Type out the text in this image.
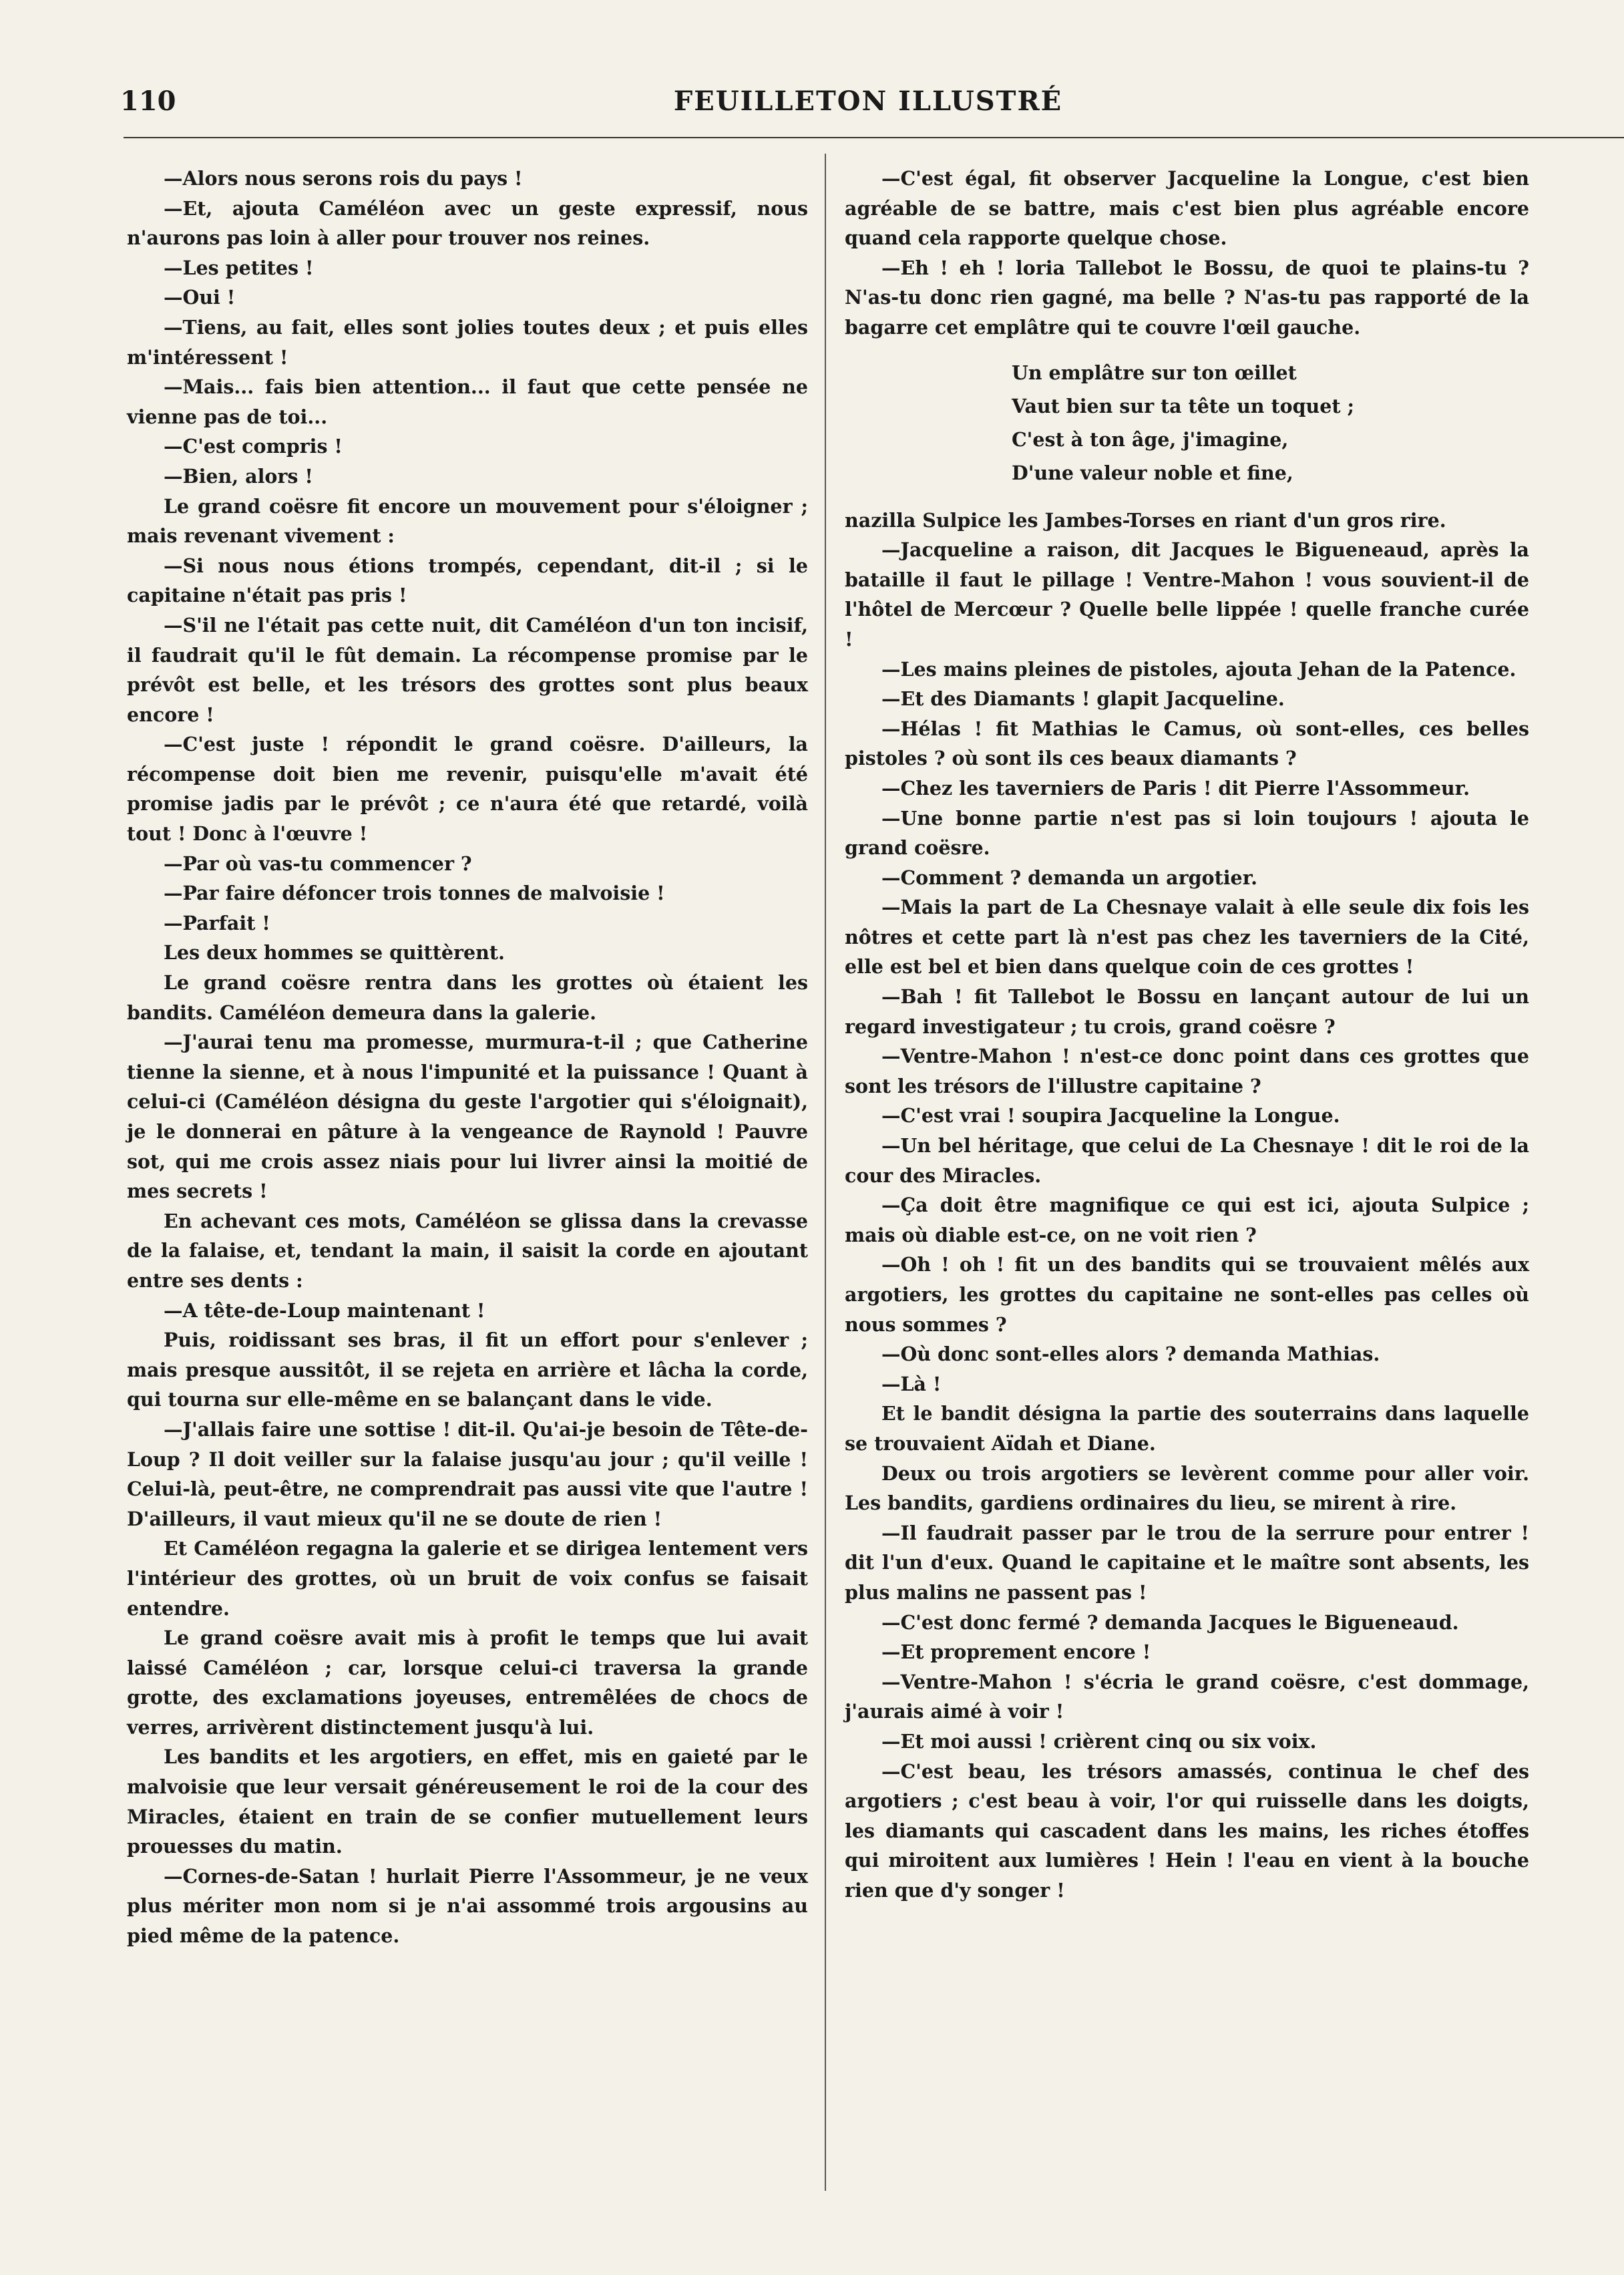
110	FEUILLETON ILLUSTRÉ

—Alors nous serons rois du pays !

—Et, ajouta Caméléon avec un geste expressif, nous n'aurons pas loin à aller pour trouver nos reines.

—Les petites !

—Oui !

—Tiens, au fait, elles sont jolies toutes deux ; et puis elles m'intéressent !

—Mais... fais bien attention... il faut que cette pensée ne vienne pas de toi...

—C'est compris !

—Bien, alors !

Le grand coësre fit encore un mouvement pour s'éloigner ; mais revenant vivement :

—Si nous nous étions trompés, cependant, dit-il ; si le capitaine n'était pas pris !

—S'il ne l'était pas cette nuit, dit Caméléon d'un ton incisif, il faudrait qu'il le fût demain. La récompense promise par le prévôt est belle, et les trésors des grottes sont plus beaux encore !

—C'est juste ! répondit le grand coësre. D'ailleurs, la récompense doit bien me revenir, puisqu'elle m'avait été promise jadis par le prévôt ; ce n'aura été que retardé, voilà tout ! Donc à l'œuvre !

—Par où vas-tu commencer ?

—Par faire défoncer trois tonnes de malvoisie !

—Parfait !

Les deux hommes se quittèrent.

Le grand coësre rentra dans les grottes où étaient les bandits. Caméléon demeura dans la galerie.

—J'aurai tenu ma promesse, murmura-t-il ; que Catherine tienne la sienne, et à nous l'impunité et la puissance ! Quant à celui-ci (Caméléon désigna du geste l'argotier qui s'éloignait), je le donnerai en pâture à la vengeance de Raynold ! Pauvre sot, qui me crois assez niais pour lui livrer ainsi la moitié de mes secrets !

En achevant ces mots, Caméléon se glissa dans la crevasse de la falaise, et, tendant la main, il saisit la corde en ajoutant entre ses dents :

—A tête-de-Loup maintenant !

Puis, roidissant ses bras, il fit un effort pour s'enlever ; mais presque aussitôt, il se rejeta en arrière et lâcha la corde, qui tourna sur elle-même en se balançant dans le vide.

—J'allais faire une sottise ! dit-il. Qu'ai-je besoin de Tête-de-Loup ? Il doit veiller sur la falaise jusqu'au jour ; qu'il veille ! Celui-là, peut-être, ne comprendrait pas aussi vite que l'autre ! D'ailleurs, il vaut mieux qu'il ne se doute de rien !

Et Caméléon regagna la galerie et se dirigea lentement vers l'intérieur des grottes, où un bruit de voix confus se faisait entendre.

Le grand coësre avait mis à profit le temps que lui avait laissé Caméléon ; car, lorsque celui-ci traversa la grande grotte, des exclamations joyeuses, entremêlées de chocs de verres, arrivèrent distinctement jusqu'à lui.

Les bandits et les argotiers, en effet, mis en gaieté par le malvoisie que leur versait généreusement le roi de la cour des Miracles, étaient en train de se confier mutuellement leurs prouesses du matin.

—Cornes-de-Satan ! hurlait Pierre l'Assommeur, je ne veux plus mériter mon nom si je n'ai assommé trois argousins au pied même de la patence.

—C'est égal, fit observer Jacqueline la Longue, c'est bien agréable de se battre, mais c'est bien plus agréable encore quand cela rapporte quelque chose.

—Eh ! eh ! loria Tallebot le Bossu, de quoi te plains-tu ? N'as-tu donc rien gagné, ma belle ? N'as-tu pas rapporté de la bagarre cet emplâtre qui te couvre l'œil gauche.

Un emplâtre sur ton œillet
Vaut bien sur ta tête un toquet ;
C'est à ton âge, j'imagine,
D'une valeur noble et fine,

nazilla Sulpice les Jambes-Torses en riant d'un gros rire.

—Jacqueline a raison, dit Jacques le Bigueneaud, après la bataille il faut le pillage ! Ventre-Mahon ! vous souvient-il de l'hôtel de Mercœur ? Quelle belle lippée ! quelle franche curée !

—Les mains pleines de pistoles, ajouta Jehan de la Patence.

—Et des Diamants ! glapit Jacqueline.

—Hélas ! fit Mathias le Camus, où sont-elles, ces belles pistoles ? où sont ils ces beaux diamants ?

—Chez les taverniers de Paris ! dit Pierre l'Assommeur.

—Une bonne partie n'est pas si loin toujours ! ajouta le grand coësre.

—Comment ? demanda un argotier.

—Mais la part de La Chesnaye valait à elle seule dix fois les nôtres et cette part là n'est pas chez les taverniers de la Cité, elle est bel et bien dans quelque coin de ces grottes !

—Bah ! fit Tallebot le Bossu en lançant autour de lui un regard investigateur ; tu crois, grand coësre ?

—Ventre-Mahon ! n'est-ce donc point dans ces grottes que sont les trésors de l'illustre capitaine ?

—C'est vrai ! soupira Jacqueline la Longue.

—Un bel héritage, que celui de La Chesnaye ! dit le roi de la cour des Miracles.

—Ça doit être magnifique ce qui est ici, ajouta Sulpice ; mais où diable est-ce, on ne voit rien ?

—Oh ! oh ! fit un des bandits qui se trouvaient mêlés aux argotiers, les grottes du capitaine ne sont-elles pas celles où nous sommes ?

—Où donc sont-elles alors ? demanda Mathias.

—Là !

Et le bandit désigna la partie des souterrains dans laquelle se trouvaient Aïdah et Diane.

Deux ou trois argotiers se levèrent comme pour aller voir. Les bandits, gardiens ordinaires du lieu, se mirent à rire.

—Il faudrait passer par le trou de la serrure pour entrer ! dit l'un d'eux. Quand le capitaine et le maître sont absents, les plus malins ne passent pas !

—C'est donc fermé ? demanda Jacques le Bigueneaud.

—Et proprement encore !

—Ventre-Mahon ! s'écria le grand coësre, c'est dommage, j'aurais aimé à voir !

—Et moi aussi ! crièrent cinq ou six voix.

—C'est beau, les trésors amassés, continua le chef des argotiers ; c'est beau à voir, l'or qui ruisselle dans les doigts, les diamants qui cascadent dans les mains, les riches étoffes qui miroitent aux lumières ! Hein ! l'eau en vient à la bouche rien que d'y songer !
